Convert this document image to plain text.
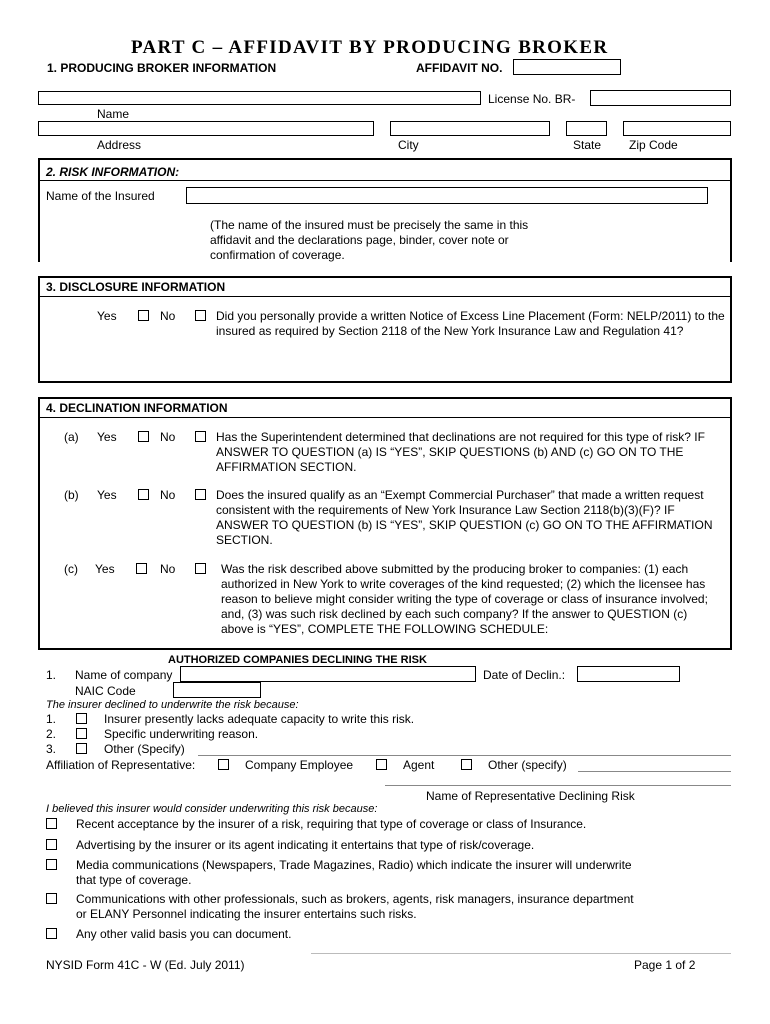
PART C – AFFIDAVIT BY PRODUCING BROKER
1. PRODUCING BROKER INFORMATION	AFFIDAVIT NO.
License No. BR-
Name
Address	City	State Zip Code
2. RISK INFORMATION:
Name of the Insured
(The name of the insured must be precisely the same in this affidavit and the declarations page, binder, cover note or confirmation of coverage.
3. DISCLOSURE INFORMATION
Yes	No	Did you personally provide a written Notice of Excess Line Placement (Form: NELP/2011) to the insured as required by Section 2118 of the New York Insurance Law and Regulation 41?
4. DECLINATION INFORMATION
(a) Yes	No	Has the Superintendent determined that declinations are not required for this type of risk? IF ANSWER TO QUESTION (a) IS “YES”, SKIP QUESTIONS (b) AND (c) GO ON TO THE AFFIRMATION SECTION.
(b) Yes	No	Does the insured qualify as an “Exempt Commercial Purchaser” that made a written request consistent with the requirements of New York Insurance Law Section 2118(b)(3)(F)? IF ANSWER TO QUESTION (b) IS “YES”, SKIP QUESTION (c) GO ON TO THE AFFIRMATION SECTION.
(c) Yes	No	Was the risk described above submitted by the producing broker to companies: (1) each authorized in New York to write coverages of the kind requested; (2) which the licensee has reason to believe might consider writing the type of coverage or class of insurance involved; and, (3) was such risk declined by each such company? If the answer to QUESTION (c) above is “YES”, COMPLETE THE FOLLOWING SCHEDULE:
AUTHORIZED COMPANIES DECLINING THE RISK
1. Name of company	Date of Declin.:
NAIC Code
The insurer declined to underwrite the risk because:
1.	Insurer presently lacks adequate capacity to write this risk.
2.	Specific underwriting reason.
3.	Other (Specify)
Affiliation of Representative:	Company Employee	Agent	Other (specify)
Name of Representative Declining Risk
I believed this insurer would consider underwriting this risk because:
Recent acceptance by the insurer of a risk, requiring that type of coverage or class of Insurance.
Advertising by the insurer or its agent indicating it entertains that type of risk/coverage.
Media communications (Newspapers, Trade Magazines, Radio) which indicate the insurer will underwrite that type of coverage.
Communications with other professionals, such as brokers, agents, risk managers, insurance department or ELANY Personnel indicating the insurer entertains such risks.
Any other valid basis you can document.
NYSID Form 41C - W (Ed. July 2011)	Page 1 of 2
